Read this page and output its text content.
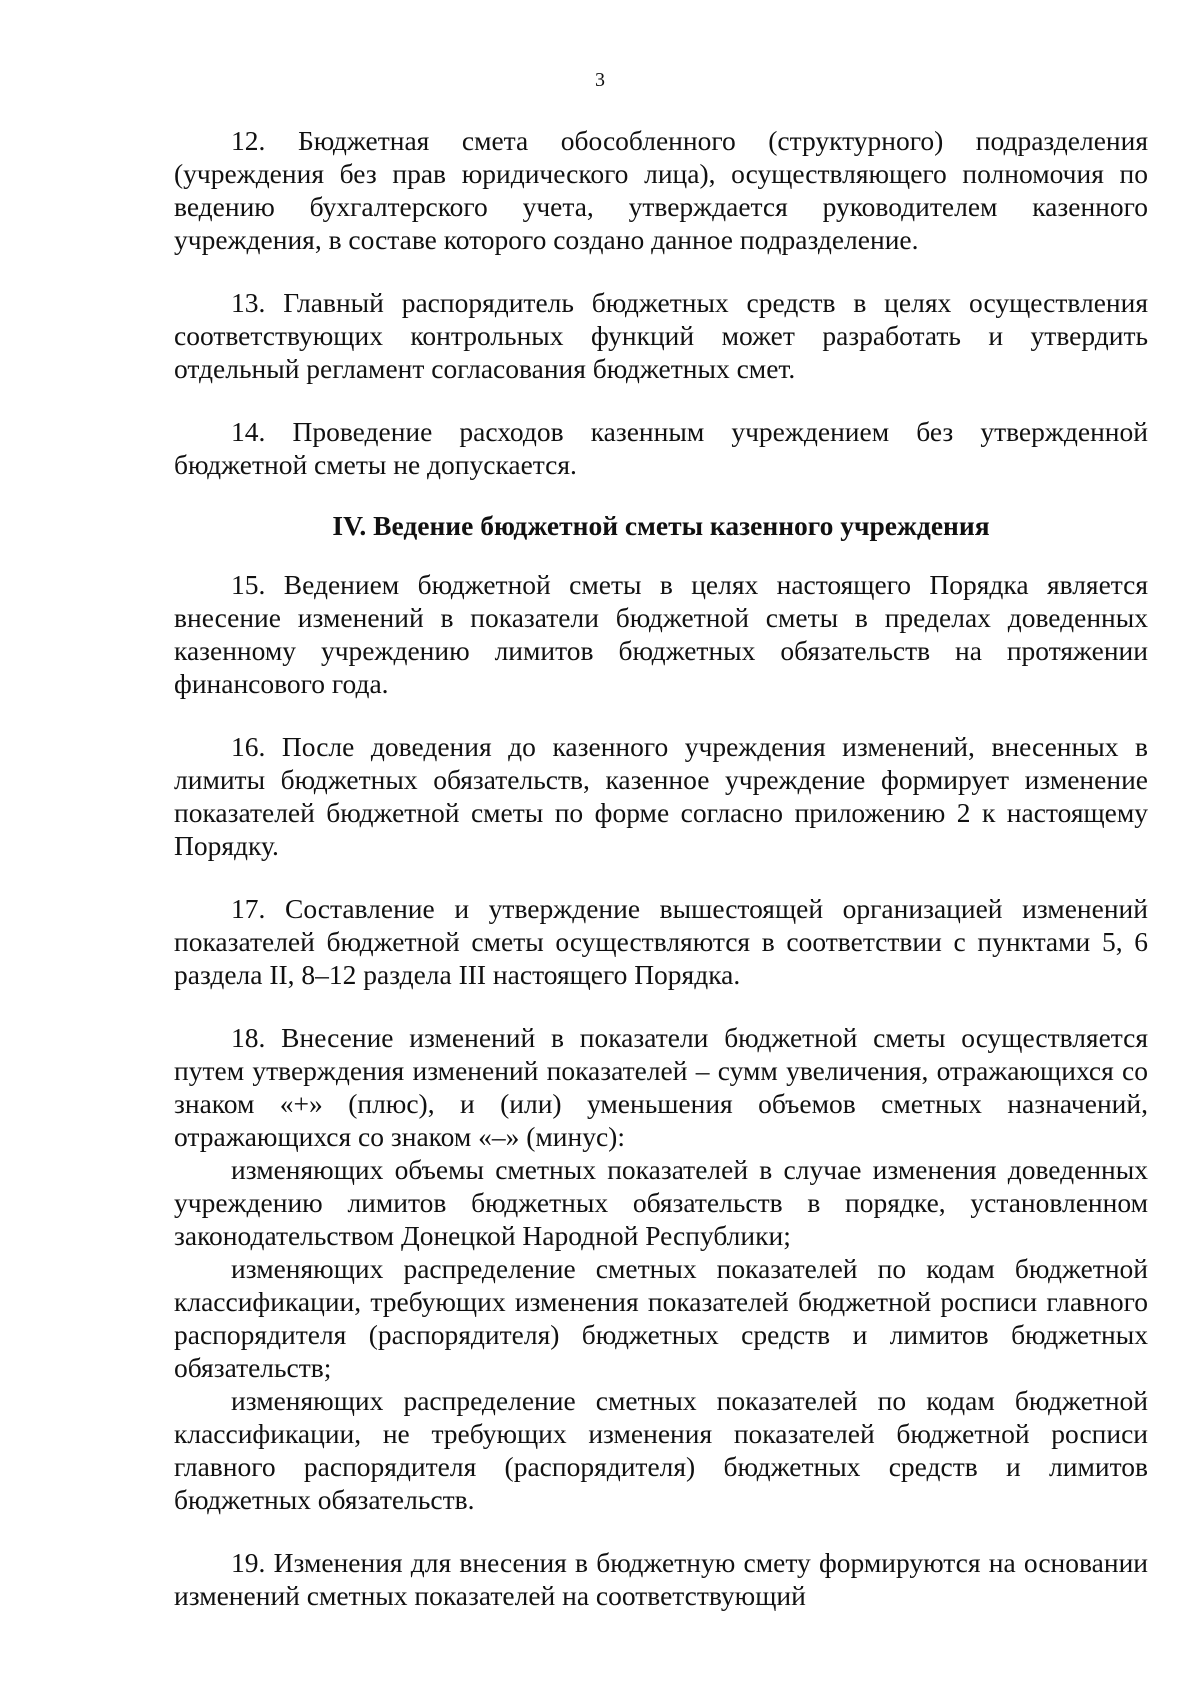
3

12. Бюджетная смета обособленного (структурного) подразделения (учреждения без прав юридического лица), осуществляющего полномочия по ведению бухгалтерского учета, утверждается руководителем казенного учреждения, в составе которого создано данное подразделение.

13. Главный распорядитель бюджетных средств в целях осуществления соответствующих контрольных функций может разработать и утвердить отдельный регламент согласования бюджетных смет.

14. Проведение расходов казенным учреждением без утвержденной бюджетной сметы не допускается.

IV. Ведение бюджетной сметы казенного учреждения

15. Ведением бюджетной сметы в целях настоящего Порядка является внесение изменений в показатели бюджетной сметы в пределах доведенных казенному учреждению лимитов бюджетных обязательств на протяжении финансового года.

16. После доведения до казенного учреждения изменений, внесенных в лимиты бюджетных обязательств, казенное учреждение формирует изменение показателей бюджетной сметы по форме согласно приложению 2 к настоящему Порядку.

17. Составление и утверждение вышестоящей организацией изменений показателей бюджетной сметы осуществляются в соответствии с пунктами 5, 6 раздела II, 8–12 раздела III настоящего Порядка.

18. Внесение изменений в показатели бюджетной сметы осуществляется путем утверждения изменений показателей – сумм увеличения, отражающихся со знаком «+» (плюс), и (или) уменьшения объемов сметных назначений, отражающихся со знаком «–» (минус):

изменяющих объемы сметных показателей в случае изменения доведенных учреждению лимитов бюджетных обязательств в порядке, установленном законодательством Донецкой Народной Республики;

изменяющих распределение сметных показателей по кодам бюджетной классификации, требующих изменения показателей бюджетной росписи главного распорядителя (распорядителя) бюджетных средств и лимитов бюджетных обязательств;

изменяющих распределение сметных показателей по кодам бюджетной классификации, не требующих изменения показателей бюджетной росписи главного распорядителя (распорядителя) бюджетных средств и лимитов бюджетных обязательств.

19. Изменения для внесения в бюджетную смету формируются на основании изменений сметных показателей на соответствующий
